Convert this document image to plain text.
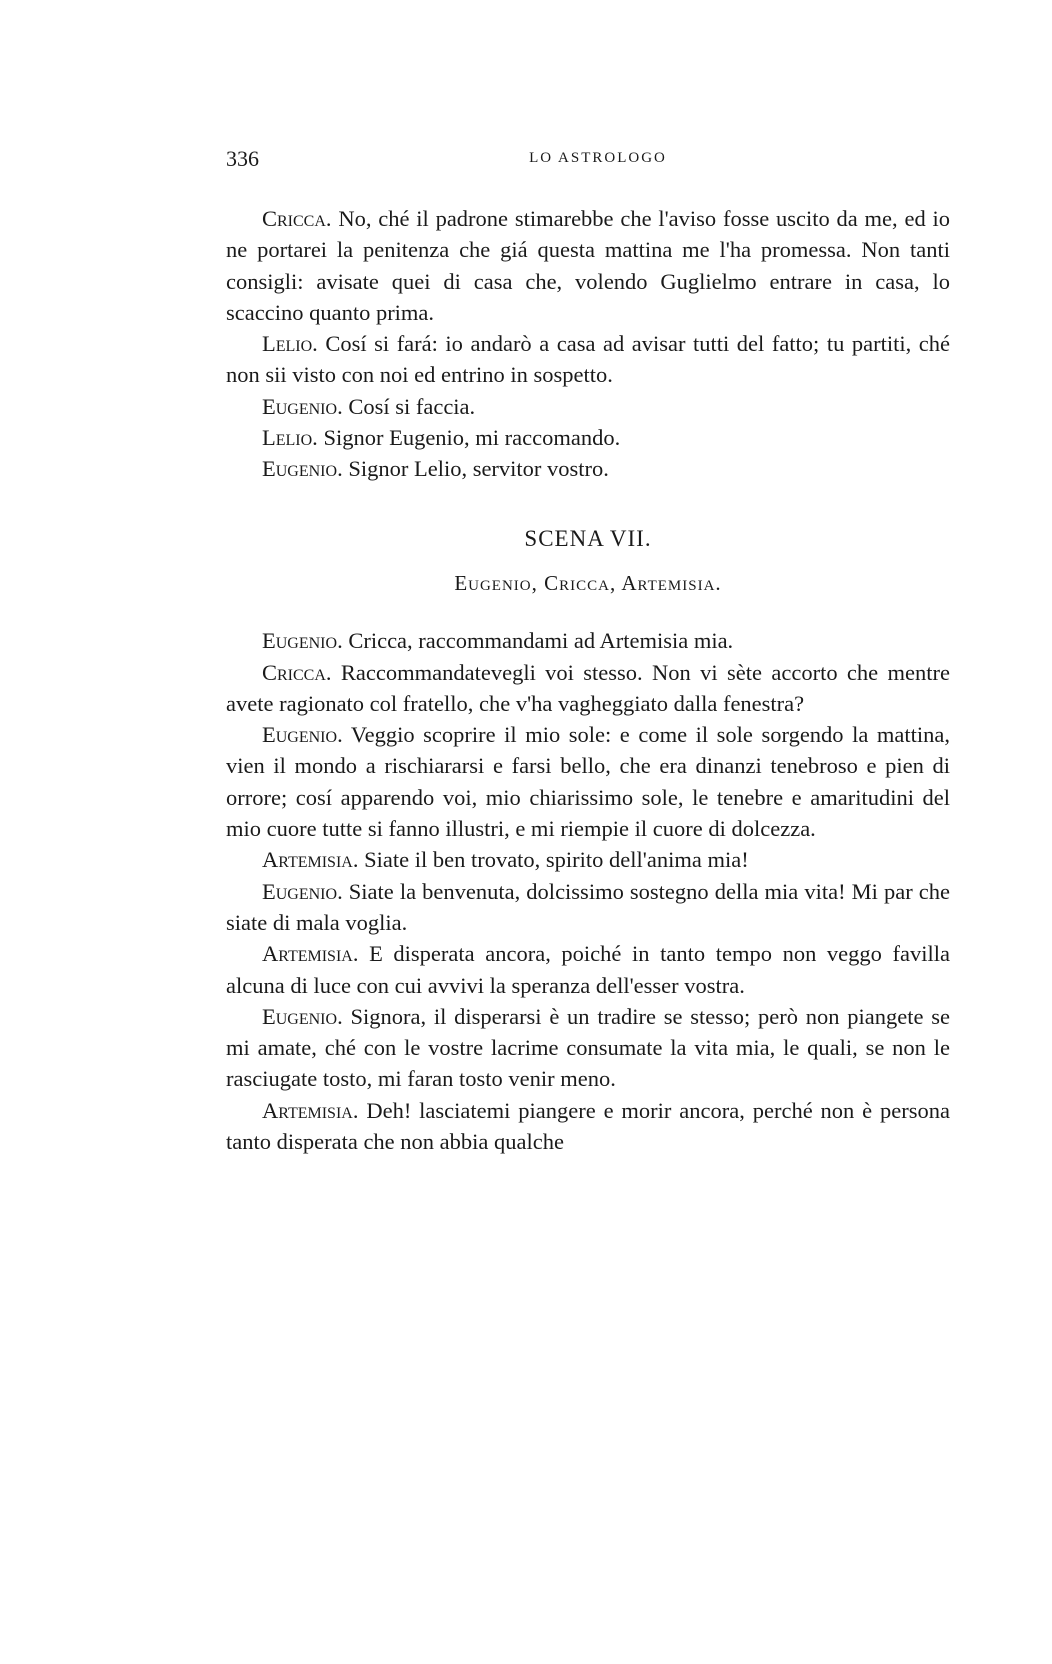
336	LO ASTROLOGO

Cricca. No, ché il padrone stimarebbe che l'aviso fosse uscito da me, ed io ne portarei la penitenza che giá questa mattina me l'ha promessa. Non tanti consigli: avisate quei di casa che, volendo Guglielmo entrare in casa, lo scaccino quanto prima.

Lelio. Cosí si fará: io andarò a casa ad avisar tutti del fatto; tu partiti, ché non sii visto con noi ed entrino in sospetto.

Eugenio. Cosí si faccia.

Lelio. Signor Eugenio, mi raccomando.

Eugenio. Signor Lelio, servitor vostro.

SCENA VII.

Eugenio, Cricca, Artemisia.

Eugenio. Cricca, raccommandami ad Artemisia mia.

Cricca. Raccommandatevegli voi stesso. Non vi sète accorto che mentre avete ragionato col fratello, che v'ha vagheggiato dalla fenestra?

Eugenio. Veggio scoprire il mio sole: e come il sole sorgendo la mattina, vien il mondo a rischiararsi e farsi bello, che era dinanzi tenebroso e pien di orrore; cosí apparendo voi, mio chiarissimo sole, le tenebre e amaritudini del mio cuore tutte si fanno illustri, e mi riempie il cuore di dolcezza.

Artemisia. Siate il ben trovato, spirito dell'anima mia!

Eugenio. Siate la benvenuta, dolcissimo sostegno della mia vita! Mi par che siate di mala voglia.

Artemisia. E disperata ancora, poiché in tanto tempo non veggo favilla alcuna di luce con cui avvivi la speranza dell'esser vostra.

Eugenio. Signora, il disperarsi è un tradire se stesso; però non piangete se mi amate, ché con le vostre lacrime consumate la vita mia, le quali, se non le rasciugate tosto, mi faran tosto venir meno.

Artemisia. Deh! lasciatemi piangere e morir ancora, perché non è persona tanto disperata che non abbia qualche
